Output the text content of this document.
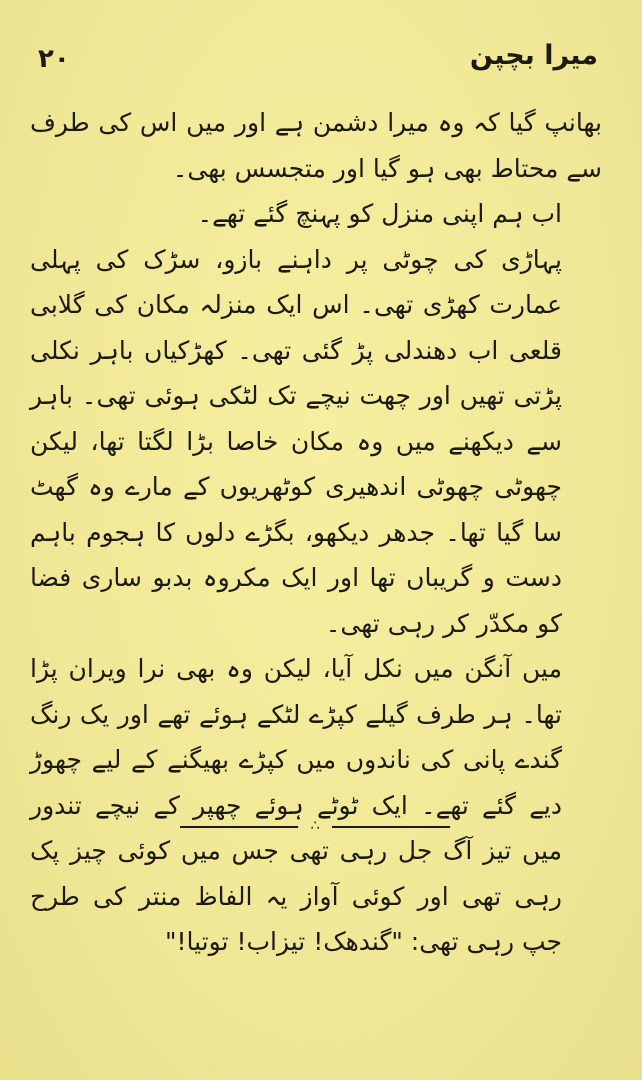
۲۰	میرا بچپن

بھانپ گیا کہ وہ میرا دشمن ہے اور میں اس کی طرف سے محتاط بھی ہو گیا اور متجسس بھی۔

اب ہم اپنی منزل کو پہنچ گئے تھے۔

پہاڑی کی چوٹی پر داہنے بازو، سڑک کی پہلی عمارت کھڑی تھی۔ اس ایک منزلہ مکان کی گلابی قلعی اب دھندلی پڑ گئی تھی۔ کھڑکیاں باہر نکلی پڑتی تھیں اور چھت نیچے تک لٹکی ہوئی تھی۔ باہر سے دیکھنے میں وہ مکان خاصا بڑا لگتا تھا، لیکن چھوٹی چھوٹی اندھیری کوٹھریوں کے مارے وہ گھٹ سا گیا تھا۔ جدھر دیکھو، بگڑے دلوں کا ہجوم باہم دست و گریباں تھا اور ایک مکروہ بدبو ساری فضا کو مکدّر کر رہی تھی۔

میں آنگن میں نکل آیا، لیکن وہ بھی نرا ویران پڑا تھا۔ ہر طرف گیلے کپڑے لٹکے ہوئے تھے اور یک رنگ گندے پانی کی ناندوں میں کپڑے بھیگنے کے لیے چھوڑ دیے گئے تھے۔ ایک ٹوٹے ہوئے چھپر کے نیچے تندور میں تیز آگ جل رہی تھی جس میں کوئی چیز پک رہی تھی اور کوئی آواز یہ الفاظ منتر کی طرح جپ رہی تھی: "گندھک! تیزاب! توتیا!"

∴
